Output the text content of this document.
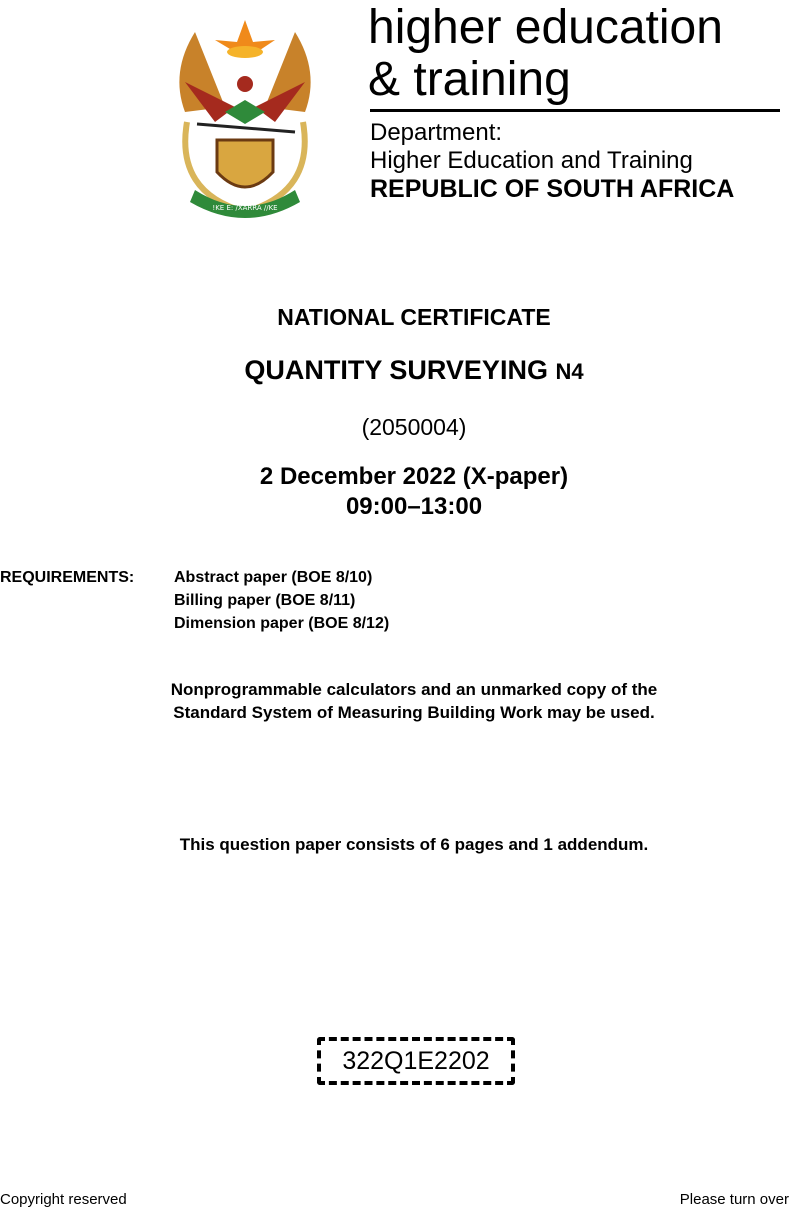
!KE E: /XARRA //KE
higher education
& training
Department:
Higher Education and Training
REPUBLIC OF SOUTH AFRICA
NATIONAL CERTIFICATE
QUANTITY SURVEYING N4
(2050004)
2 December 2022 (X-paper)
09:00–13:00
REQUIREMENTS: Abstract paper (BOE 8/10)
Billing paper (BOE 8/11)
Dimension paper (BOE 8/12)
Nonprogrammable calculators and an unmarked copy of the
Standard System of Measuring Building Work may be used.
This question paper consists of 6 pages and 1 addendum.
322Q1E2202
Copyright reserved	Please turn over
